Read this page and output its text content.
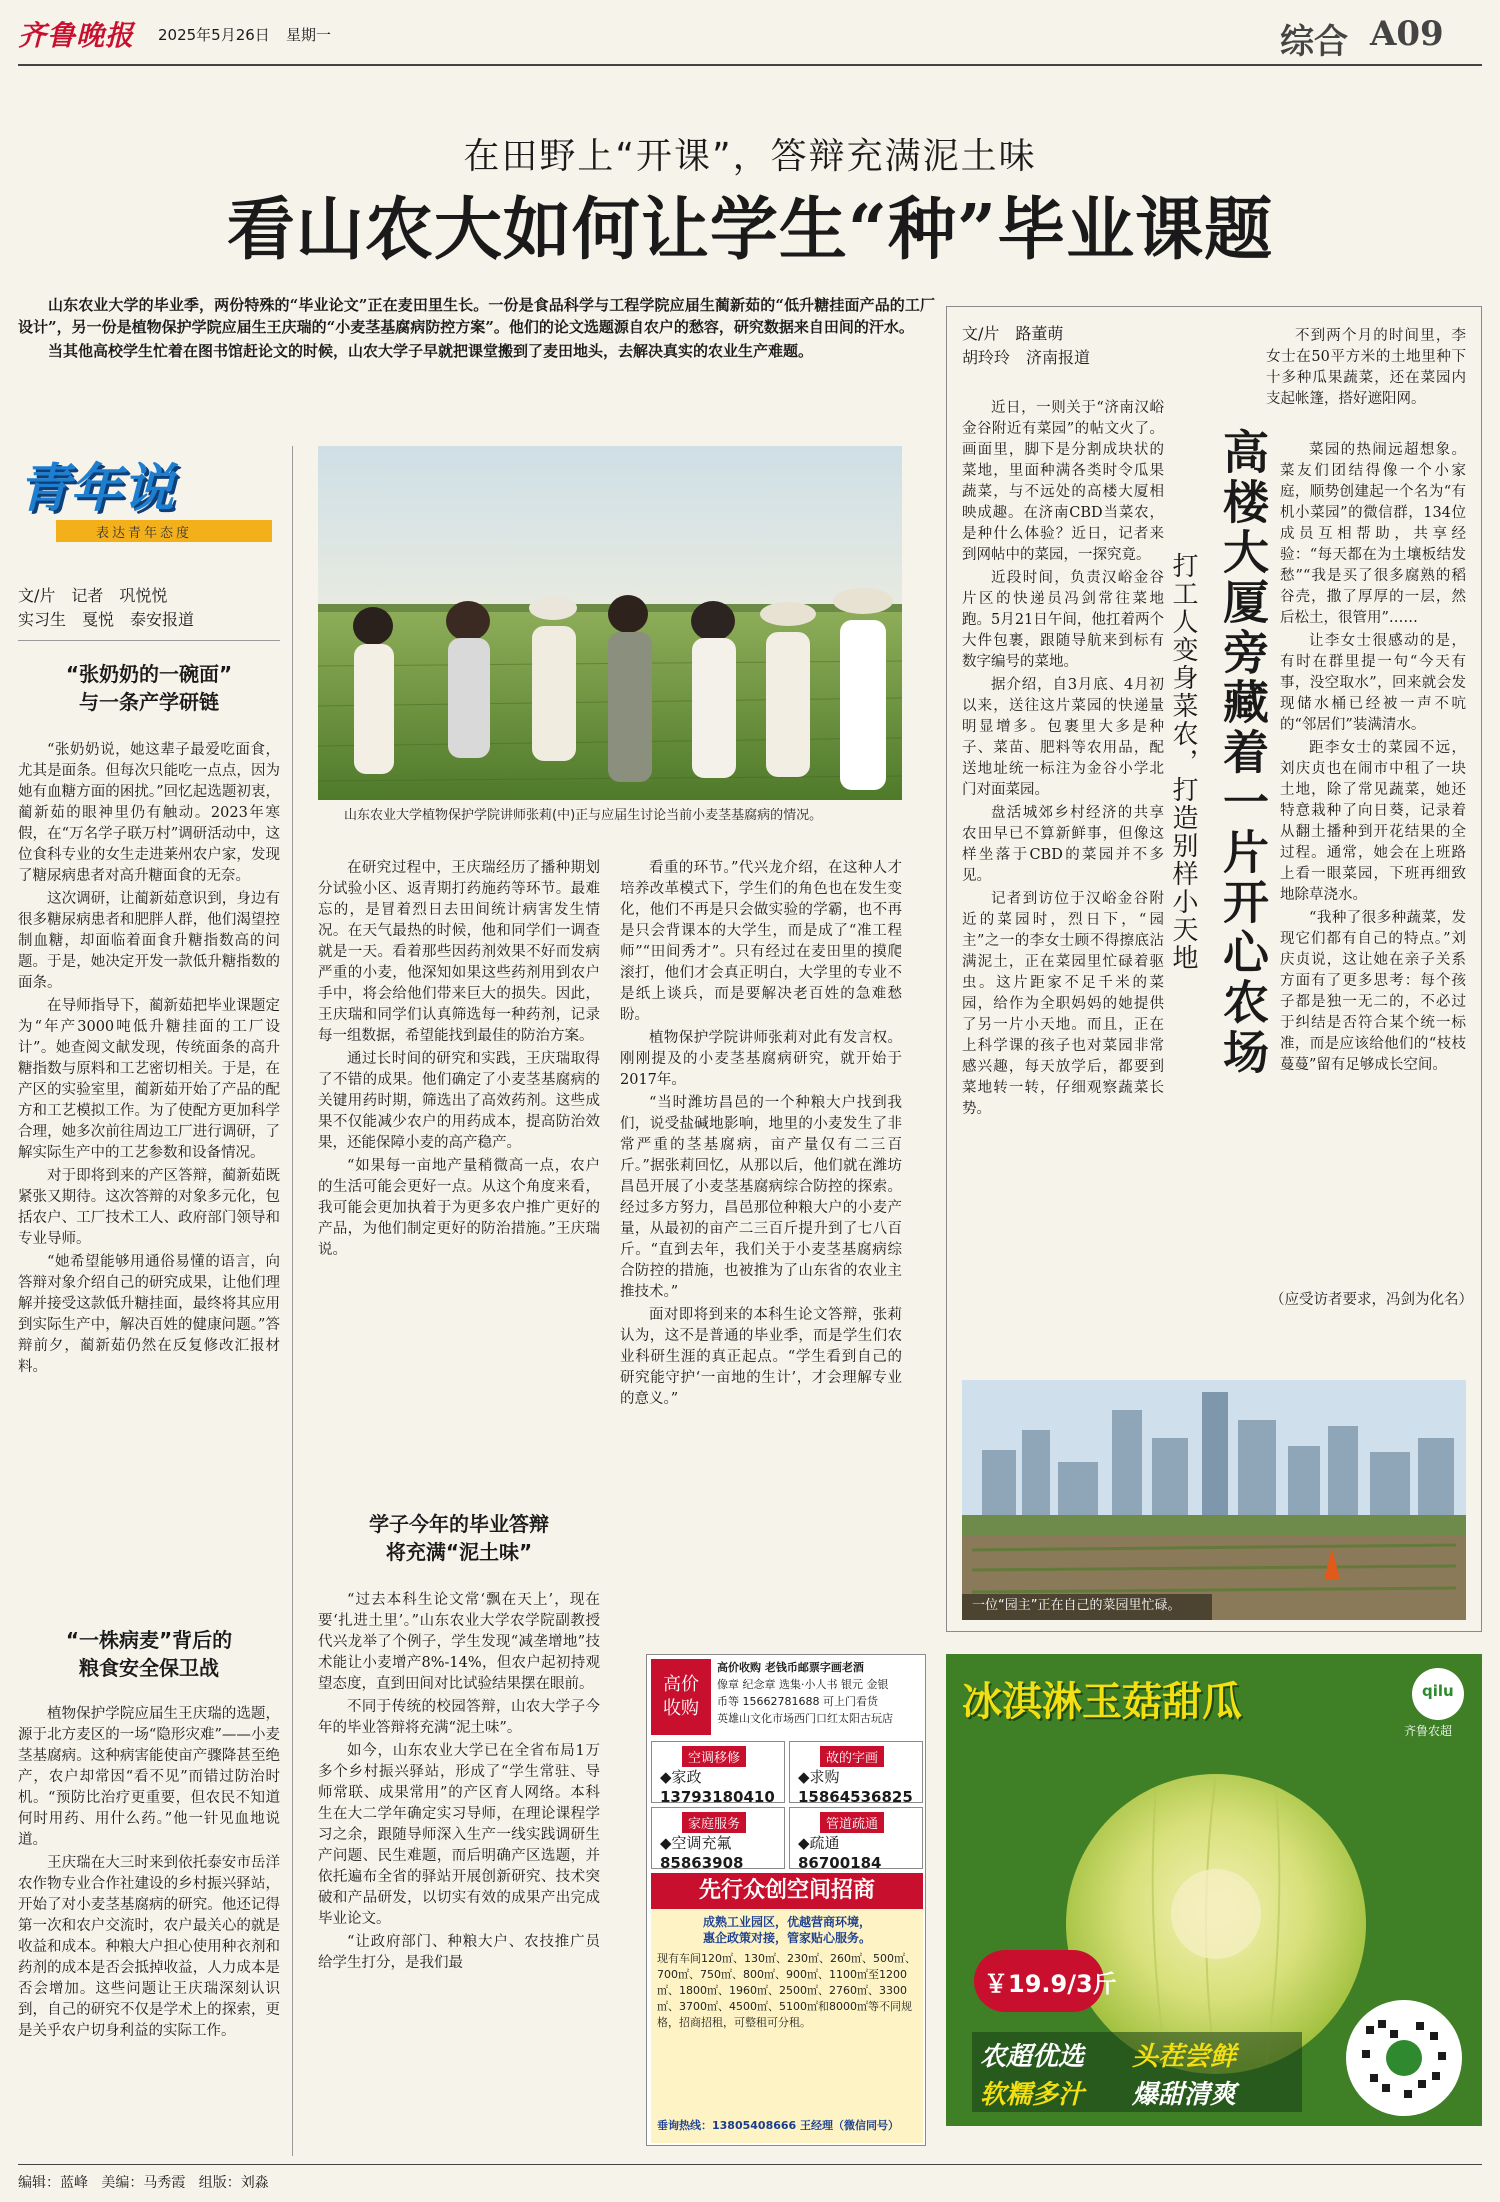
齐鲁晚报 2025年5月26日 星期一	综合 A09
在田野上“开课”，答辩充满泥土味
看山农大如何让学生“种”毕业课题

山东农业大学的毕业季，两份特殊的“毕业论文”正在麦田里生长。一份是食品科学与工程学院应届生蔺新茹的“低升糖挂面产品的工厂设计”，另一份是植物保护学院应届生王庆瑞的“小麦茎基腐病防控方案”。他们的论文选题源自农户的愁容，研究数据来自田间的汗水。

当其他高校学生忙着在图书馆赶论文的时候，山农大学子早就把课堂搬到了麦田地头，去解决真实的农业生产难题。

青年说
表达青年态度
文/片　记者　巩悦悦
实习生　戛悦　泰安报道
山东农业大学植物保护学院讲师张莉(中)正与应届生讨论当前小麦茎基腐病的情况。
“张奶奶的一碗面”
与一条产学研链

“张奶奶说，她这辈子最爱吃面食，尤其是面条。但每次只能吃一点点，因为她有血糖方面的困扰。”回忆起选题初衷，蔺新茹的眼神里仍有触动。2023年寒假，在“万名学子联万村”调研活动中，这位食科专业的女生走进莱州农户家，发现了糖尿病患者对高升糖面食的无奈。

这次调研，让蔺新茹意识到，身边有很多糖尿病患者和肥胖人群，他们渴望控制血糖，却面临着面食升糖指数高的问题。于是，她决定开发一款低升糖指数的面条。

在导师指导下，蔺新茹把毕业课题定为“年产3000吨低升糖挂面的工厂设计”。她查阅文献发现，传统面条的高升糖指数与原料和工艺密切相关。于是，在产区的实验室里，蔺新茹开始了产品的配方和工艺模拟工作。为了使配方更加科学合理，她多次前往周边工厂进行调研，了解实际生产中的工艺参数和设备情况。

对于即将到来的产区答辩，蔺新茹既紧张又期待。这次答辩的对象多元化，包括农户、工厂技术工人、政府部门领导和专业导师。

“她希望能够用通俗易懂的语言，向答辩对象介绍自己的研究成果，让他们理解并接受这款低升糖挂面，最终将其应用到实际生产中，解决百姓的健康问题。”答辩前夕，蔺新茹仍然在反复修改汇报材料。

“一株病麦”背后的
粮食安全保卫战

植物保护学院应届生王庆瑞的选题，源于北方麦区的一场“隐形灾难”——小麦茎基腐病。这种病害能使亩产骤降甚至绝产，农户却常因“看不见”而错过防治时机。“预防比治疗更重要，但农民不知道何时用药、用什么药。”他一针见血地说道。

王庆瑞在大三时来到依托泰安市岳洋农作物专业合作社建设的乡村振兴驿站，开始了对小麦茎基腐病的研究。他还记得第一次和农户交流时，农户最关心的就是收益和成本。种粮大户担心使用种衣剂和药剂的成本是否会抵掉收益，人力成本是否会增加。这些问题让王庆瑞深刻认识到，自己的研究不仅是学术上的探索，更是关乎农户切身利益的实际工作。

在研究过程中，王庆瑞经历了播种期划分试验小区、返青期打药施药等环节。最难忘的，是冒着烈日去田间统计病害发生情况。在天气最热的时候，他和同学们一调查就是一天。看着那些因药剂效果不好而发病严重的小麦，他深知如果这些药剂用到农户手中，将会给他们带来巨大的损失。因此，王庆瑞和同学们认真筛选每一种药剂，记录每一组数据，希望能找到最佳的防治方案。

通过长时间的研究和实践，王庆瑞取得了不错的成果。他们确定了小麦茎基腐病的关键用药时期，筛选出了高效药剂。这些成果不仅能减少农户的用药成本，提高防治效果，还能保障小麦的高产稳产。

“如果每一亩地产量稍微高一点，农户的生活可能会更好一点。从这个角度来看，我可能会更加执着于为更多农户推广更好的产品，为他们制定更好的防治措施。”王庆瑞说。

学子今年的毕业答辩
将充满“泥土味”

“过去本科生论文常‘飘在天上’，现在要‘扎进土里’。”山东农业大学农学院副教授代兴龙举了个例子，学生发现“减垄增地”技术能让小麦增产8%-14%，但农户起初持观望态度，直到田间对比试验结果摆在眼前。

不同于传统的校园答辩，山农大学子今年的毕业答辩将充满“泥土味”。

如今，山东农业大学已在全省布局1万多个乡村振兴驿站，形成了“学生常驻、导师常联、成果常用”的产区育人网络。本科生在大二学年确定实习导师，在理论课程学习之余，跟随导师深入生产一线实践调研生产问题、民生难题，而后明确产区选题，并依托遍布全省的驿站开展创新研究、技术突破和产品研发，以切实有效的成果产出完成毕业论文。

“让政府部门、种粮大户、农技推广员给学生打分，是我们最

看重的环节。”代兴龙介绍，在这种人才培养改革模式下，学生们的角色也在发生变化，他们不再是只会做实验的学霸，也不再是只会背课本的大学生，而是成了“准工程师”“田间秀才”。只有经过在麦田里的摸爬滚打，他们才会真正明白，大学里的专业不是纸上谈兵，而是要解决老百姓的急难愁盼。

植物保护学院讲师张莉对此有发言权。刚刚提及的小麦茎基腐病研究，就开始于2017年。

“当时潍坊昌邑的一个种粮大户找到我们，说受盐碱地影响，地里的小麦发生了非常严重的茎基腐病，亩产量仅有二三百斤。”据张莉回忆，从那以后，他们就在潍坊昌邑开展了小麦茎基腐病综合防控的探索。经过多方努力，昌邑那位种粮大户的小麦产量，从最初的亩产二三百斤提升到了七八百斤。“直到去年，我们关于小麦茎基腐病综合防控的措施，也被推为了山东省的农业主推技术。”

面对即将到来的本科生论文答辩，张莉认为，这不是普通的毕业季，而是学生们农业科研生涯的真正起点。“学生看到自己的研究能守护‘一亩地的生计’，才会理解专业的意义。”

文/片　路董萌
胡玲玲　济南报道

近日，一则关于“济南汉峪金谷附近有菜园”的帖文火了。画面里，脚下是分割成块状的菜地，里面种满各类时令瓜果蔬菜，与不远处的高楼大厦相映成趣。在济南CBD当菜农，是种什么体验？近日，记者来到网帖中的菜园，一探究竟。

近段时间，负责汉峪金谷片区的快递员冯剑常往菜地跑。5月21日午间，他扛着两个大件包裹，跟随导航来到标有数字编号的菜地。

据介绍，自3月底、4月初以来，送往这片菜园的快递量明显增多。包裹里大多是种子、菜苗、肥料等农用品，配送地址统一标注为金谷小学北门对面菜园。

盘活城郊乡村经济的共享农田早已不算新鲜事，但像这样坐落于CBD的菜园并不多见。

记者到访位于汉峪金谷附近的菜园时，烈日下，“园主”之一的李女士顾不得擦底沾满泥土，正在菜园里忙碌着驱虫。这片距家不足千米的菜园，给作为全职妈妈的她提供了另一片小天地。而且，正在上科学课的孩子也对菜园非常感兴趣，每天放学后，都要到菜地转一转，仔细观察蔬菜长势。

打工人变身菜农，打造别样小天地 高楼大厦旁藏着一片开心农场

不到两个月的时间里，李女士在50平方米的土地里种下十多种瓜果蔬菜，还在菜园内支起帐篷，搭好遮阳网。

菜园的热闹远超想象。菜友们团结得像一个小家庭，顺势创建起一个名为“有机小菜园”的微信群，134位成员互相帮助，共享经验：“每天都在为土壤板结发愁”“我是买了很多腐熟的稻谷壳，撒了厚厚的一层，然后松土，很管用”……

让李女士很感动的是，有时在群里提一句“今天有事，没空取水”，回来就会发现储水桶已经被一声不吭的“邻居们”装满清水。

距李女士的菜园不远，刘庆贞也在闹市中租了一块土地，除了常见蔬菜，她还特意栽种了向日葵，记录着从翻土播种到开花结果的全过程。通常，她会在上班路上看一眼菜园，下班再细致地除草浇水。

“我种了很多种蔬菜，发现它们都有自己的特点。”刘庆贞说，这让她在亲子关系方面有了更多思考：每个孩子都是独一无二的，不必过于纠结是否符合某个统一标准，而是应该给他们的“枝枝蔓蔓”留有足够成长空间。

（应受访者要求，冯剑为化名）
一位“园主”正在自己的菜园里忙碌。
高价收购
高价收购 老钱币邮票字画老酒
像章 纪念章 选集·小人书 银元 金银
币等 15662781688 可上门看货
英雄山文化市场西门口红太阳古玩店
空调移修
◆家政
13793180410
故的字画
◆求购
15864536825
家庭服务
◆空调充氟
85863908
管道疏通
◆疏通
86700184
先行众创空间招商
成熟工业园区，优越营商环境，
惠企政策对接，管家贴心服务。
现有车间120㎡、130㎡、230㎡、260㎡、500㎡、700㎡、750㎡、800㎡、900㎡、1100㎡至1200㎡、1800㎡、1960㎡、2500㎡、2760㎡、3300㎡、3700㎡、4500㎡、5100㎡和8000㎡等不同规格，招商招租，可整租可分租。
垂询热线：13805408666 王经理（微信同号）
冰淇淋玉菇甜瓜	qilu
齐鲁农超
￥19.9/3斤
农超优选 头茬尝鲜
软糯多汁 爆甜清爽
编辑：蓝峰 美编：马秀霞 组版：刘淼
